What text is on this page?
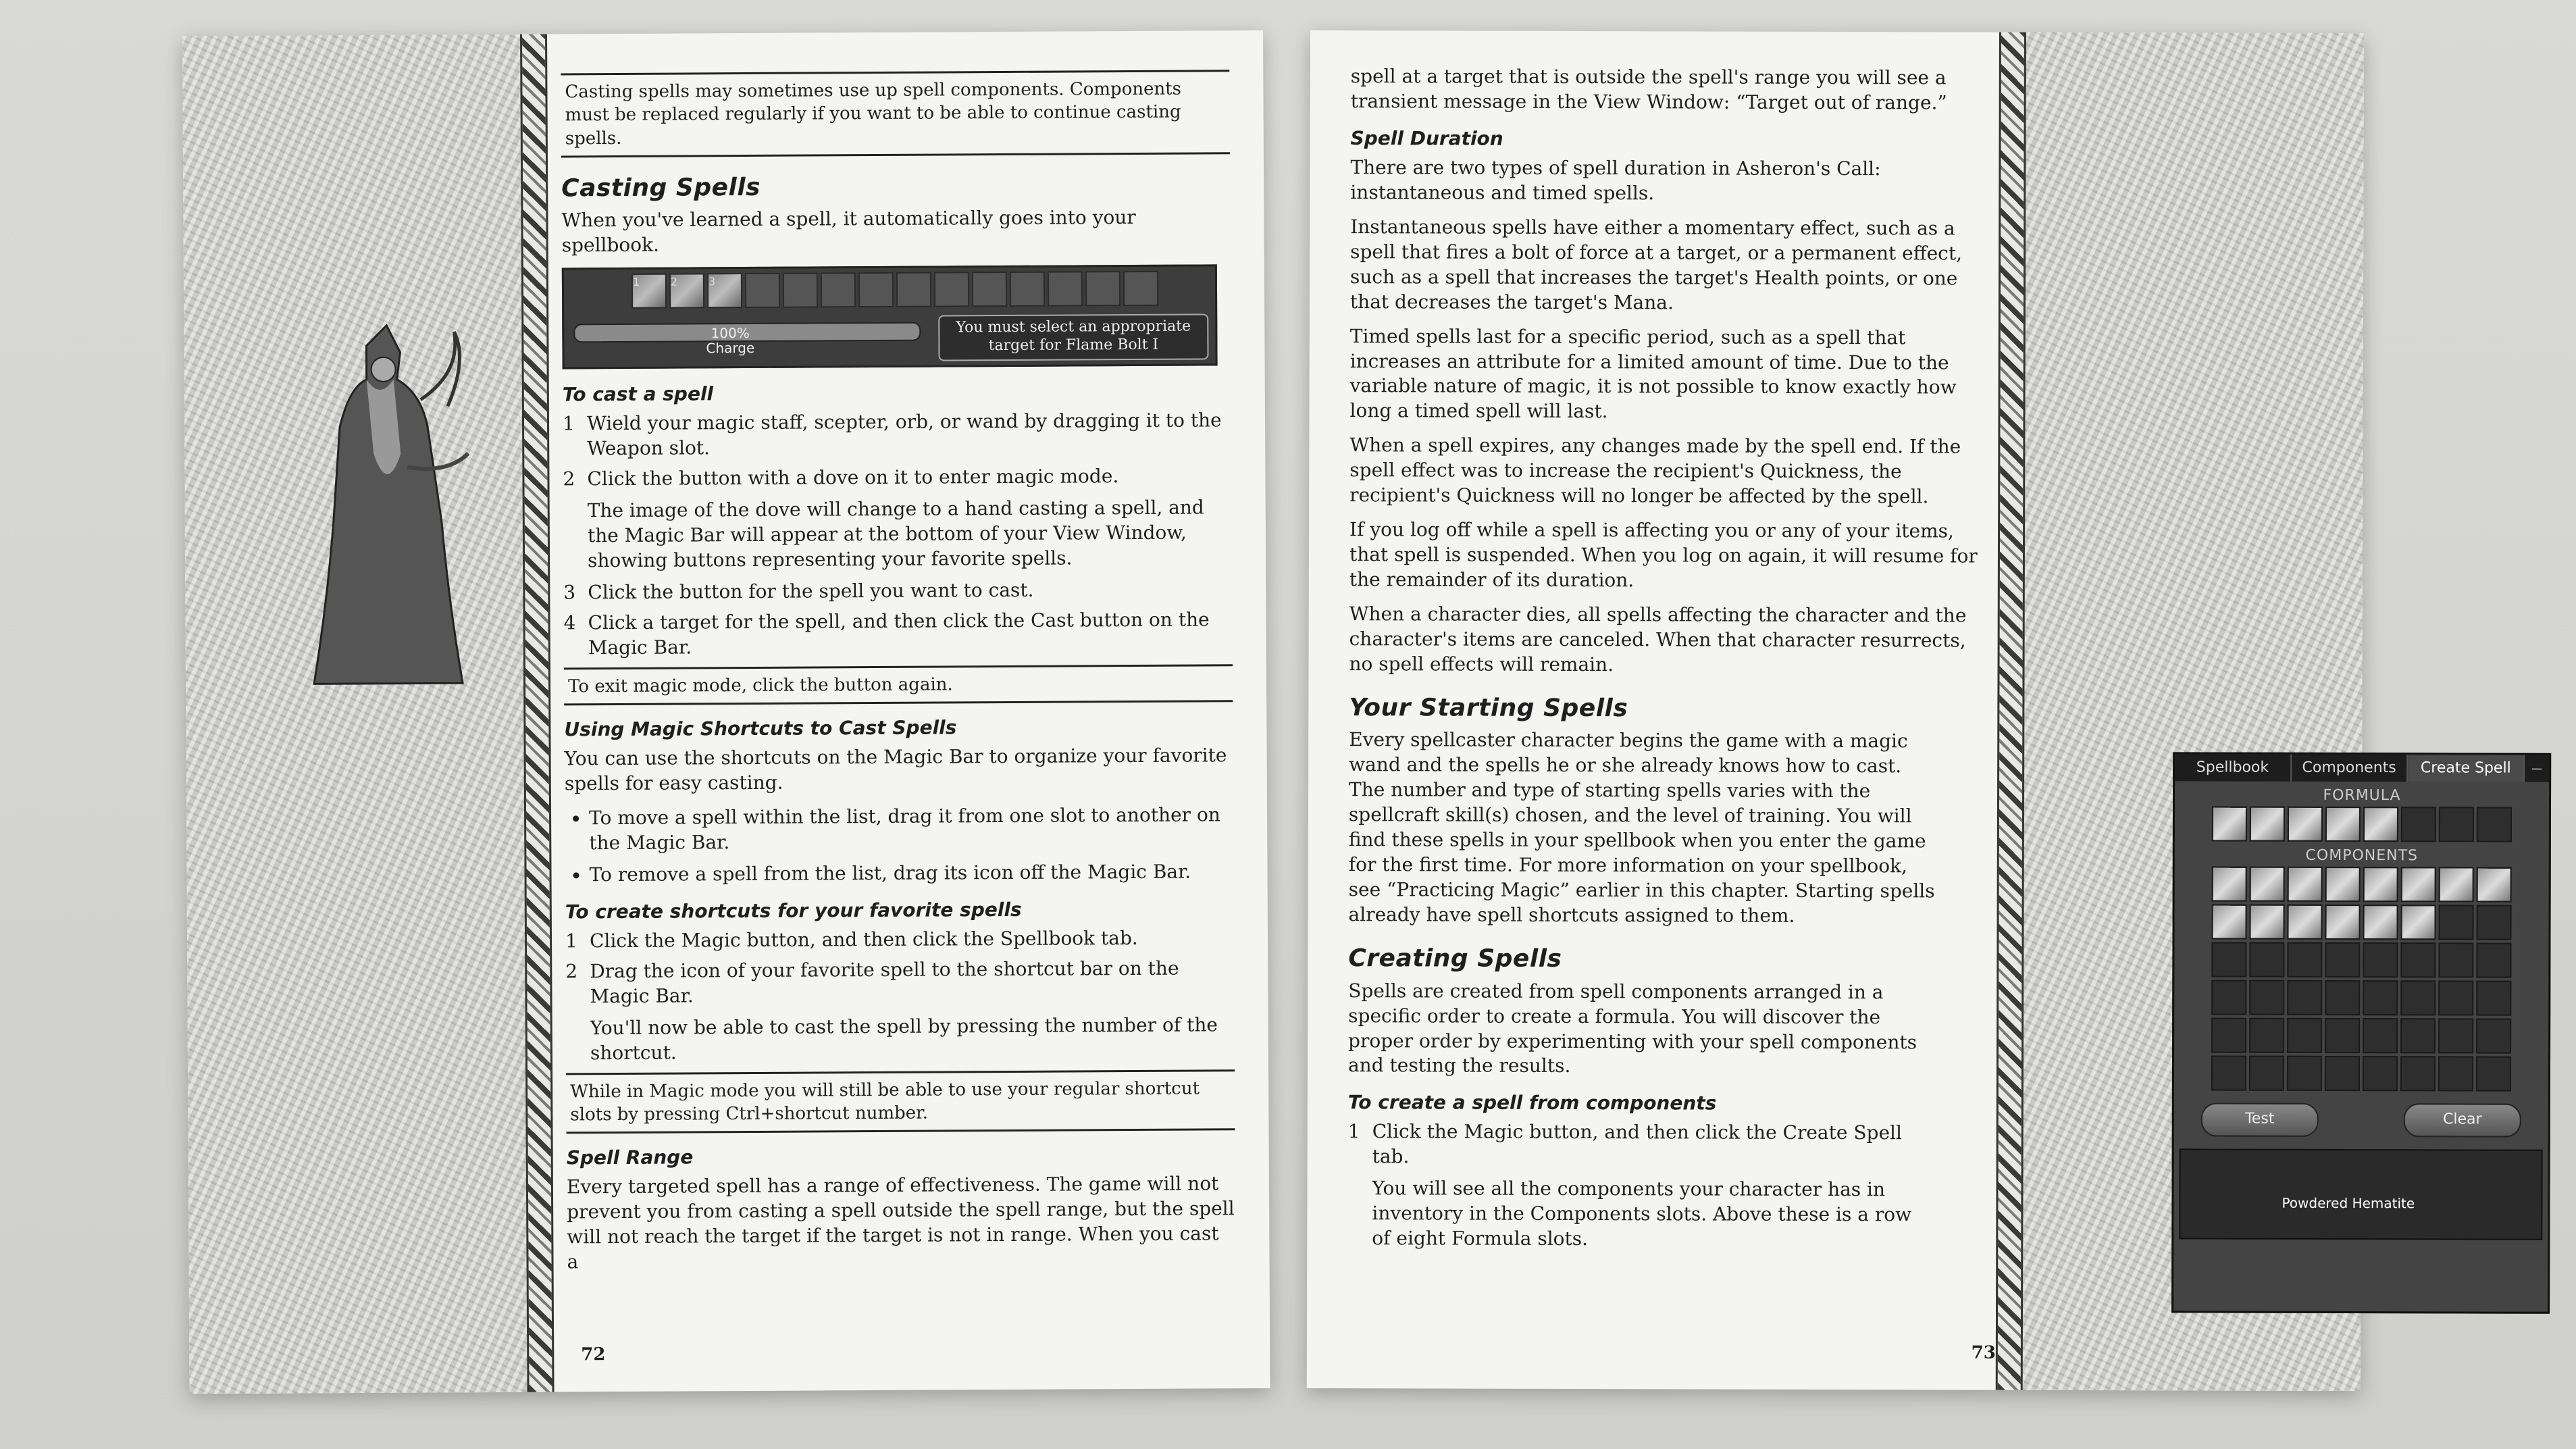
Casting spells may sometimes use up spell components. Components must be replaced regularly if you want to be able to continue casting spells.
Casting Spells

When you've learned a spell, it automatically goes into your spellbook.

1	2	3
100%
Charge
You must select an appropriate target for Flame Bolt I
To cast a spell
1 Wield your magic staff, scepter, orb, or wand by dragging it to the Weapon slot.
2 Click the button with a dove on it to enter magic mode.

The image of the dove will change to a hand casting a spell, and the Magic Bar will appear at the bottom of your View Window, showing buttons representing your favorite spells.

3 Click the button for the spell you want to cast.
4 Click a target for the spell, and then click the Cast button on the Magic Bar.
To exit magic mode, click the button again.
Using Magic Shortcuts to Cast Spells

You can use the shortcuts on the Magic Bar to organize your favorite spells for easy casting.

• To move a spell within the list, drag it from one slot to another on the Magic Bar.
• To remove a spell from the list, drag its icon off the Magic Bar.
To create shortcuts for your favorite spells
1 Click the Magic button, and then click the Spellbook tab.
2 Drag the icon of your favorite spell to the shortcut bar on the Magic Bar.

You'll now be able to cast the spell by pressing the number of the shortcut.

While in Magic mode you will still be able to use your regular shortcut slots by pressing Ctrl+shortcut number.
Spell Range

Every targeted spell has a range of effectiveness. The game will not prevent you from casting a spell outside the spell range, but the spell will not reach the target if the target is not in range. When you cast a

72

spell at a target that is outside the spell's range you will see a transient message in the View Window: “Target out of range.”

Spell Duration

There are two types of spell duration in Asheron's Call: instantaneous and timed spells.

Instantaneous spells have either a momentary effect, such as a spell that fires a bolt of force at a target, or a permanent effect, such as a spell that increases the target's Health points, or one that decreases the target's Mana.

Timed spells last for a specific period, such as a spell that increases an attribute for a limited amount of time. Due to the variable nature of magic, it is not possible to know exactly how long a timed spell will last.

When a spell expires, any changes made by the spell end. If the spell effect was to increase the recipient's Quickness, the recipient's Quickness will no longer be affected by the spell.

If you log off while a spell is affecting you or any of your items, that spell is suspended. When you log on again, it will resume for the remainder of its duration.

When a character dies, all spells affecting the character and the character's items are canceled. When that character resurrects, no spell effects will remain.

Your Starting Spells

Every spellcaster character begins the game with a magic wand and the spells he or she already knows how to cast. The number and type of starting spells varies with the spellcraft skill(s) chosen, and the level of training. You will find these spells in your spellbook when you enter the game for the first time. For more information on your spellbook, see “Practicing Magic” earlier in this chapter. Starting spells already have spell shortcuts assigned to them.

Creating Spells

Spells are created from spell components arranged in a specific order to create a formula. You will discover the proper order by experimenting with your spell components and testing the results.

To create a spell from components
1 Click the Magic button, and then click the Create Spell tab.

You will see all the components your character has in inventory in the Components slots. Above these is a row of eight Formula slots.

Spellbook	Components	Create Spell	—
FORMULA
COMPONENTS
Test	Clear
Powdered Hematite
73
